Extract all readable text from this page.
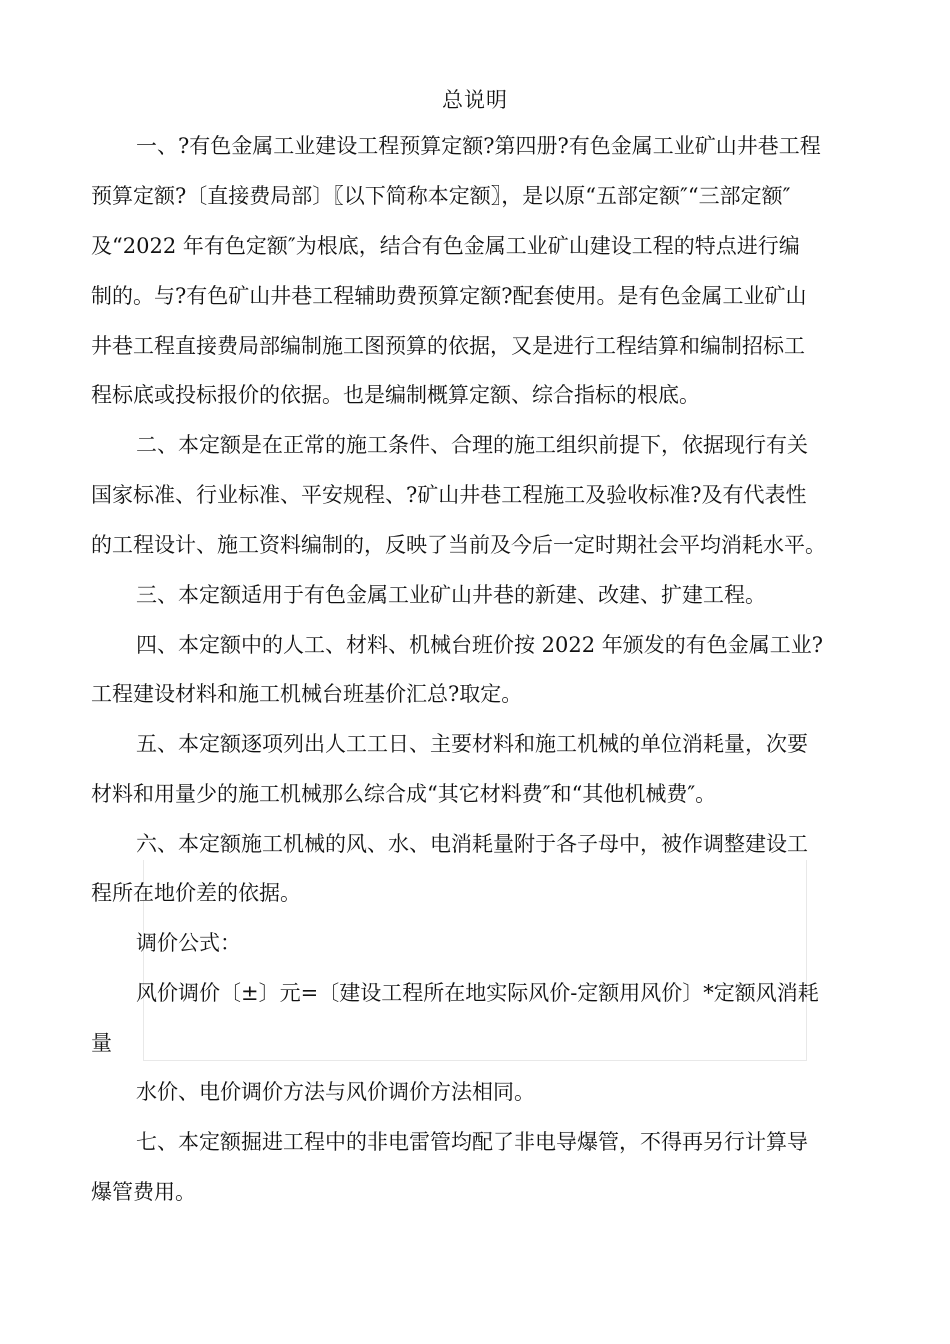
总说明
一、?有色金属工业建设工程预算定额?第四册?有色金属工业矿山井巷工程
预算定额?〔直接费局部〕〖以下简称本定额〗，是以原“五部定额″“三部定额″
及“2022 年有色定额″为根底，结合有色金属工业矿山建设工程的特点进行编
制的。与?有色矿山井巷工程辅助费预算定额?配套使用。是有色金属工业矿山
井巷工程直接费局部编制施工图预算的依据，又是进行工程结算和编制招标工
程标底或投标报价的依据。也是编制概算定额、综合指标的根底。
二、本定额是在正常的施工条件、合理的施工组织前提下，依据现行有关
国家标准、行业标准、平安规程、?矿山井巷工程施工及验收标准?及有代表性
的工程设计、施工资料编制的，反映了当前及今后一定时期社会平均消耗水平。
三、本定额适用于有色金属工业矿山井巷的新建、改建、扩建工程。
四、本定额中的人工、材料、机械台班价按 2022 年颁发的有色金属工业?
工程建设材料和施工机械台班基价汇总?取定。
五、本定额逐项列出人工工日、主要材料和施工机械的单位消耗量，次要
材料和用量少的施工机械那么综合成“其它材料费″和“其他机械费″。
六、本定额施工机械的风、水、电消耗量附于各子母中，被作调整建设工
程所在地价差的依据。
调价公式：
风价调价〔±〕元=〔建设工程所在地实际风价-定额用风价〕*定额风消耗
量
水价、电价调价方法与风价调价方法相同。
七、本定额掘进工程中的非电雷管均配了非电导爆管，不得再另行计算导
爆管费用。
